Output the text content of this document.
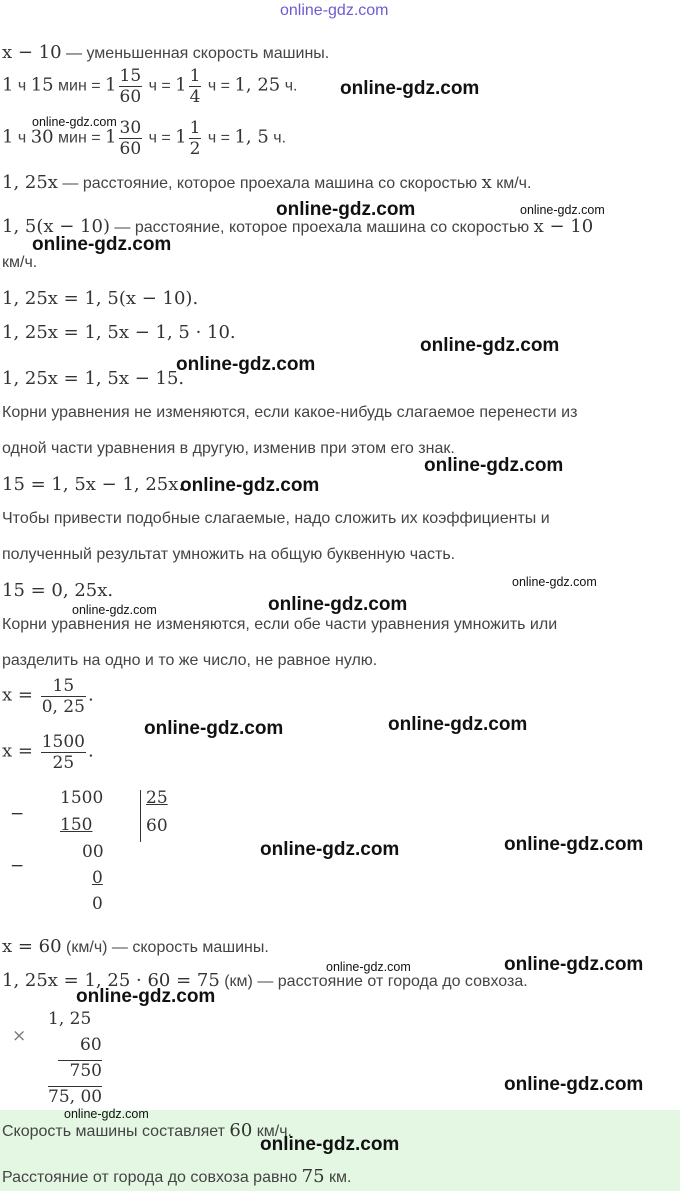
online-gdz.com
x − 10 — уменьшенная скорость машины.
1 ч 15 мин = $1 \frac{15}{60}$ $ч = 1 \frac{1}{4}$ ч = 1, 25 ч.
1 ч 30 мин = $1 \frac{30}{60}$ $ч = 1 \frac{1}{2}$ ч = 1, 5 ч.
1, 25x — расстояние, которое проехала машина со скоростью x км/ч.
1, 5(x − 10) — расстояние, которое проехала машина со скоростью x − 10
км/ч.
1, 25x = 1, 5(x − 10).
1, 25x = 1, 5x − 1, 5 · 10.
1, 25x = 1, 5x − 15.
Корни уравнения не изменяются, если какое-нибудь слагаемое перенести из
одной части уравнения в другую, изменив при этом его знак.
15 = 1, 5x − 1, 25x.
Чтобы привести подобные слагаемые, надо сложить их коэффициенты и
полученный результат умножить на общую буквенную часть.
15 = 0, 25x.
Корни уравнения не изменяются, если обе части уравнения умножить или
разделить на одно и то же число, не равное нулю.
$x = \frac{15}{0, 25}$ .
$x = \frac{1500}{25}$ .
−
1500	25
150	60
−
00
0
0
x = 60 (км/ч) — скорость машины.
1, 25x = 1, 25 · 60 = 75 (км) — расстояние от города до совхоза.
×
1, 25
60
750
75, 00
Скорость машины составляет 60 км/ч.
Расстояние от города до совхоза равно 75 км.
online-gdz.com
online-gdz.com
online-gdz.com	online-gdz.com
online-gdz.com
online-gdz.com
online-gdz.com
online-gdz.com
online-gdz.com
online-gdz.com
online-gdz.com
online-gdz.com
online-gdz.com
online-gdz.com
online-gdz.com
online-gdz.com
online-gdz.com	online-gdz.com
online-gdz.com
online-gdz.com
online-gdz.com
online-gdz.com
